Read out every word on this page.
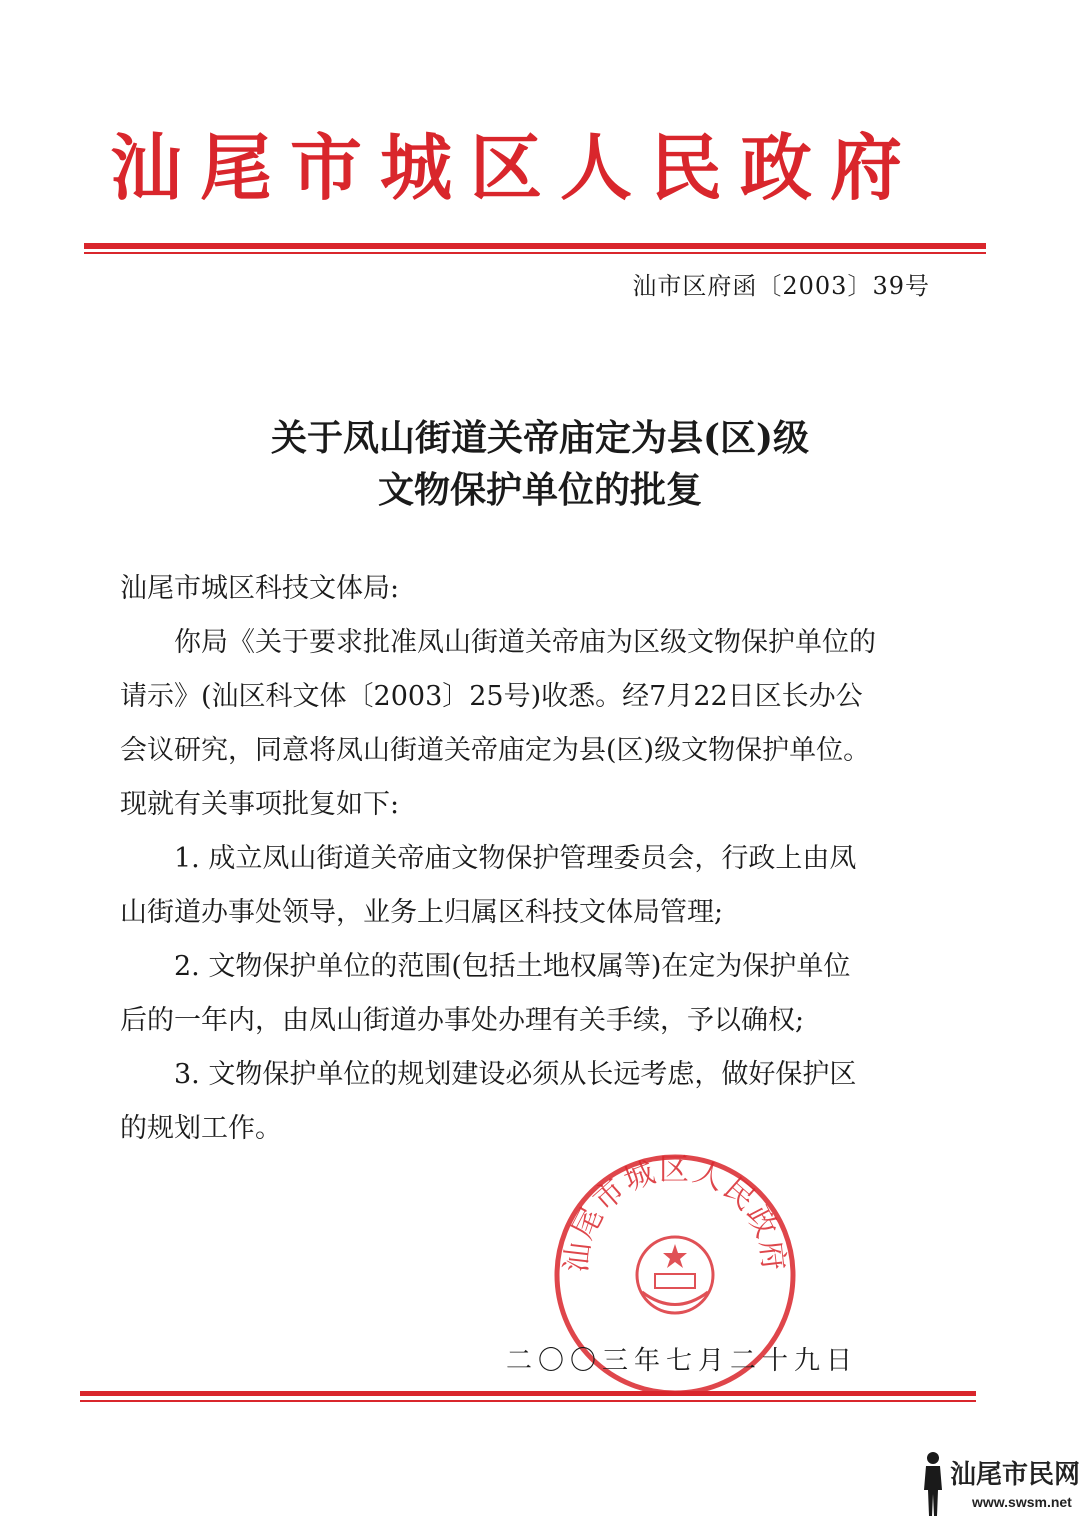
汕尾市城区人民政府
汕市区府函〔2003〕39号
关于凤山街道关帝庙定为县(区)级
文物保护单位的批复
汕尾市城区科技文体局:
你局《关于要求批准凤山街道关帝庙为区级文物保护单位的
请示》(汕区科文体〔2003〕25号)收悉。经7月22日区长办公
会议研究，同意将凤山街道关帝庙定为县(区)级文物保护单位。
现就有关事项批复如下:
1. 成立凤山街道关帝庙文物保护管理委员会，行政上由凤
山街道办事处领导，业务上归属区科技文体局管理;
2. 文物保护单位的范围(包括土地权属等)在定为保护单位
后的一年内，由凤山街道办事处办理有关手续，予以确权;
3. 文物保护单位的规划建设必须从长远考虑，做好保护区
的规划工作。
汕尾市城区人民政府
二〇〇三年七月二十九日
汕尾市民网
www.swsm.net
